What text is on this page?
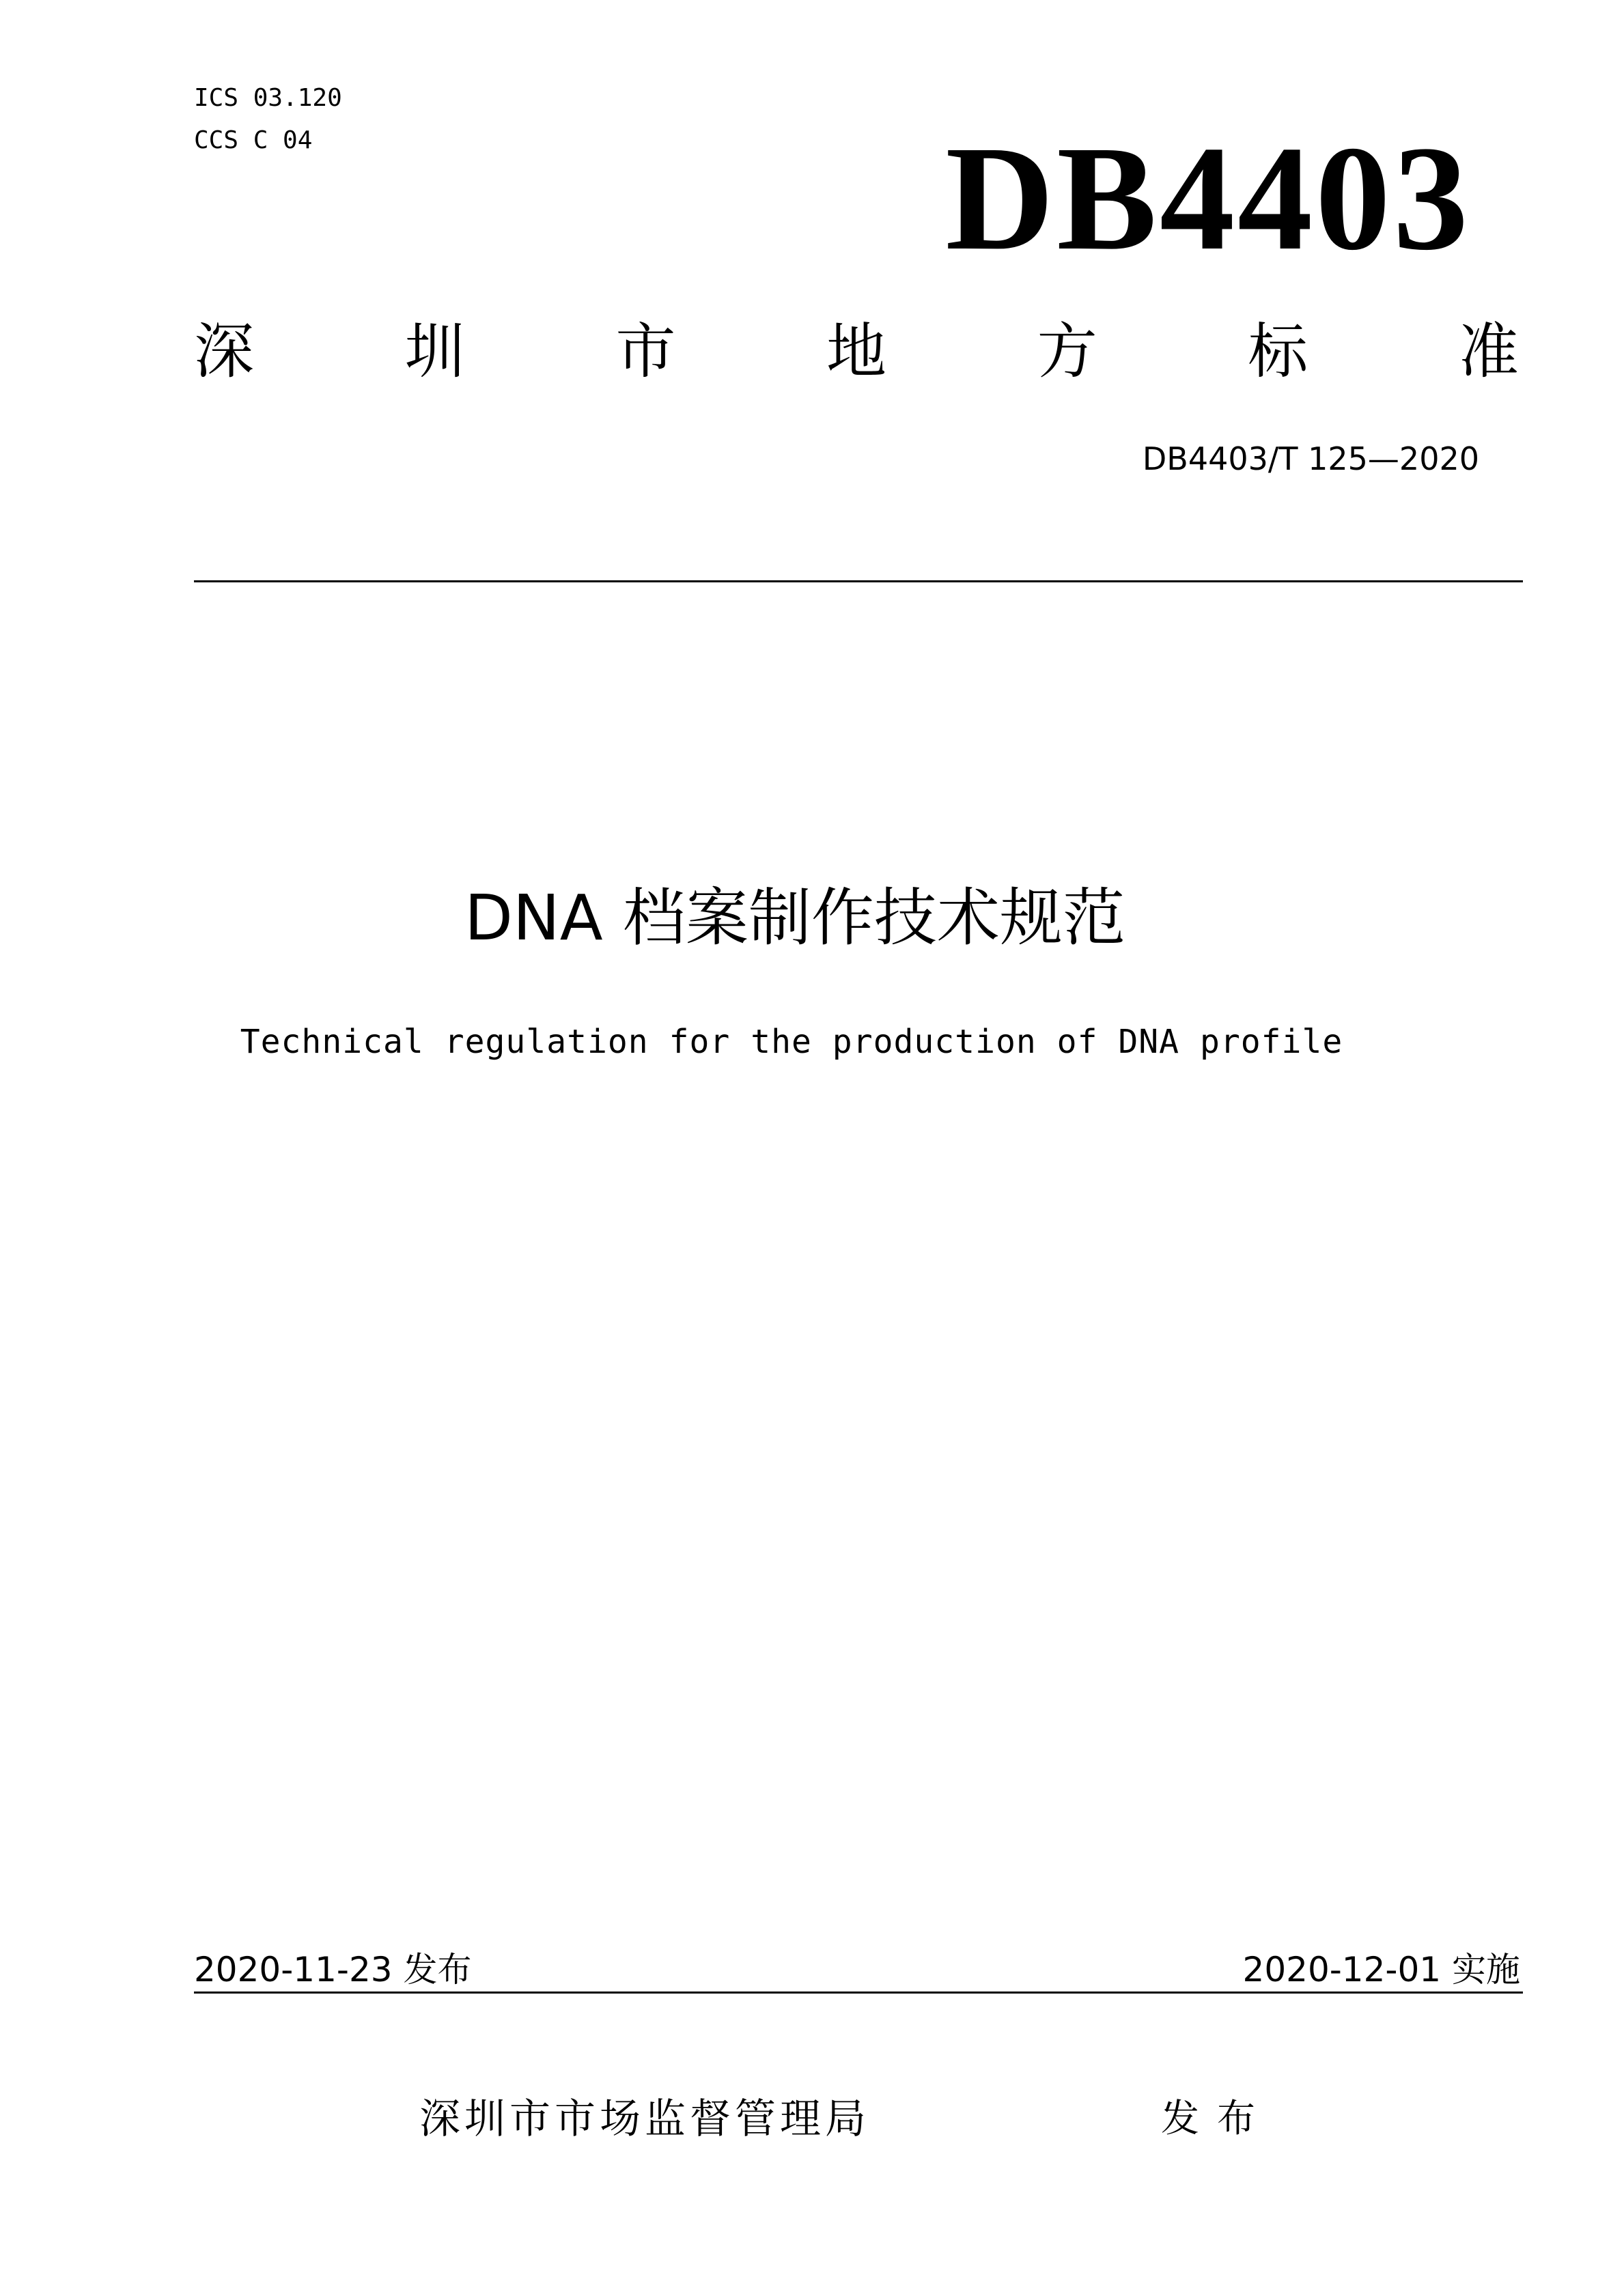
ICS 03.120
CCS C 04	DB4403
深	圳	市	地	方	标	准
DB4403/T 125—2020
DNA 档案制作技术规范
Technical regulation for the production of DNA profile
2020-11-23 发布	2020-12-01 实施
深圳市市场监督管理局	发布
